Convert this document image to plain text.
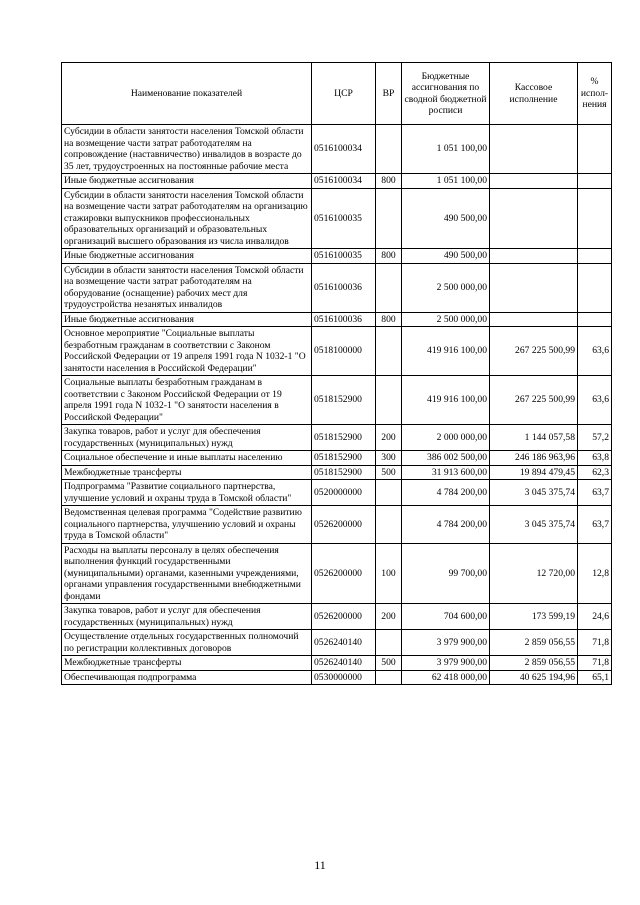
Наименование показателей	ЦСР	ВР	Бюджетные ассигнования по сводной бюджетной росписи	Кассовое исполнение	% испол-нения
Субсидии в области занятости населения Томской области на возмещение части затрат работодателям на сопровождение (наставничество) инвалидов в возрасте до 35 лет, трудоустроенных на постоянные рабочие места	0516100034		1 051 100,00		
Иные бюджетные ассигнования	0516100034	800	1 051 100,00		
Субсидии в области занятости населения Томской области на возмещение части затрат работодателям на организацию стажировки выпускников профессиональных образовательных организаций и образовательных организаций высшего образования из числа инвалидов	0516100035		490 500,00		
Иные бюджетные ассигнования	0516100035	800	490 500,00		
Субсидии в области занятости населения Томской области на возмещение части затрат работодателям на оборудование (оснащение) рабочих мест для трудоустройства незанятых инвалидов	0516100036		2 500 000,00		
Иные бюджетные ассигнования	0516100036	800	2 500 000,00		
Основное мероприятие "Социальные выплаты безработным гражданам в соответствии с Законом Российской Федерации от 19 апреля 1991 года N 1032-1 "О занятости населения в Российской Федерации"	0518100000		419 916 100,00	267 225 500,99	63,6
Социальные выплаты безработным гражданам в соответствии с Законом Российской Федерации от 19 апреля 1991 года N 1032-1 "О занятости населения в Российской Федерации"	0518152900		419 916 100,00	267 225 500,99	63,6
Закупка товаров, работ и услуг для обеспечения государственных (муниципальных) нужд	0518152900	200	2 000 000,00	1 144 057,58	57,2
Социальное обеспечение и иные выплаты населению	0518152900	300	386 002 500,00	246 186 963,96	63,8
Межбюджетные трансферты	0518152900	500	31 913 600,00	19 894 479,45	62,3
Подпрограмма "Развитие социального партнерства, улучшение условий и охраны труда в Томской области"	0520000000		4 784 200,00	3 045 375,74	63,7
Ведомственная целевая программа "Содействие развитию социального партнерства, улучшению условий и охраны труда в Томской области"	0526200000		4 784 200,00	3 045 375,74	63,7
Расходы на выплаты персоналу в целях обеспечения выполнения функций государственными (муниципальными) органами, казенными учреждениями, органами управления государственными внебюджетными фондами	0526200000	100	99 700,00	12 720,00	12,8
Закупка товаров, работ и услуг для обеспечения государственных (муниципальных) нужд	0526200000	200	704 600,00	173 599,19	24,6
Осуществление отдельных государственных полномочий по регистрации коллективных договоров	0526240140		3 979 900,00	2 859 056,55	71,8
Межбюджетные трансферты	0526240140	500	3 979 900,00	2 859 056,55	71,8
Обеспечивающая подпрограмма	0530000000		62 418 000,00	40 625 194,96	65,1
11
